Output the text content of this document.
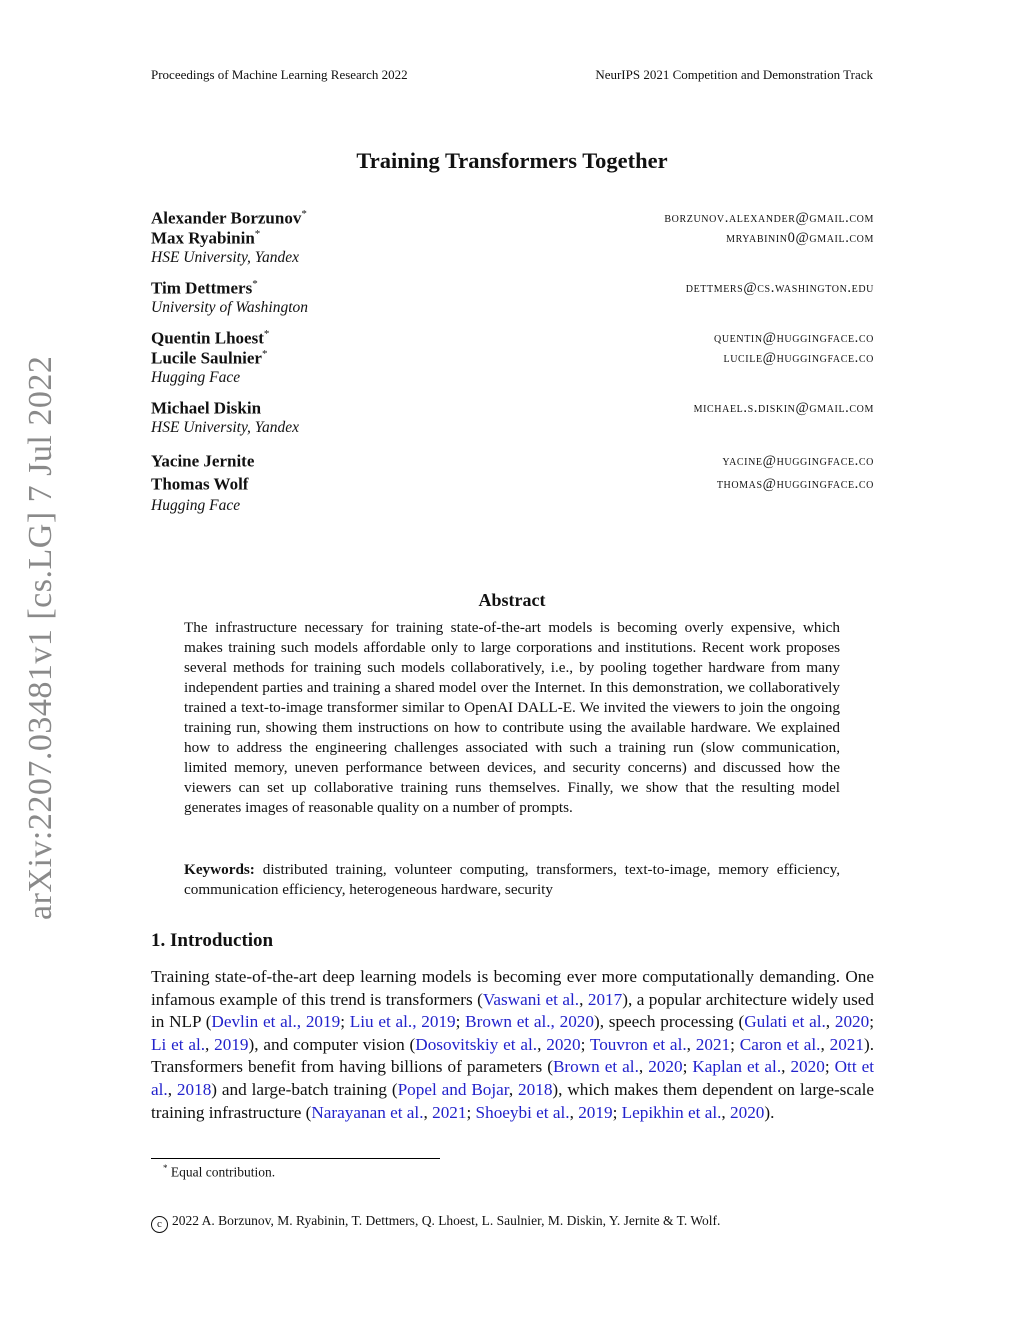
Proceedings of Machine Learning Research 2022	NeurIPS 2021 Competition and Demonstration Track
arXiv:2207.03481v1 [cs.LG] 7 Jul 2022
Training Transformers Together
Alexander Borzunov*	borzunov.alexander@gmail.com
Max Ryabinin*	mryabinin0@gmail.com
HSE University, Yandex
Tim Dettmers*	dettmers@cs.washington.edu
University of Washington
Quentin Lhoest*	quentin@huggingface.co
Lucile Saulnier*	lucile@huggingface.co
Hugging Face
Michael Diskin	michael.s.diskin@gmail.com
HSE University, Yandex
Yacine Jernite	yacine@huggingface.co
Thomas Wolf	thomas@huggingface.co
Hugging Face
Abstract
The infrastructure necessary for training state-of-the-art models is becoming overly expensive, which makes training such models affordable only to large corporations and institutions. Recent work proposes several methods for training such models collaboratively, i.e., by pooling together hardware from many independent parties and training a shared model over the Internet. In this demonstration, we collaboratively trained a text-to-image transformer similar to OpenAI DALL-E. We invited the viewers to join the ongoing training run, showing them instructions on how to contribute using the available hardware. We explained how to address the engineering challenges associated with such a training run (slow communication, limited memory, uneven performance between devices, and security concerns) and discussed how the viewers can set up collaborative training runs themselves. Finally, we show that the resulting model generates images of reasonable quality on a number of prompts.
Keywords: distributed training, volunteer computing, transformers, text-to-image, memory efficiency, communication efficiency, heterogeneous hardware, security
1. Introduction
Training state-of-the-art deep learning models is becoming ever more computationally demanding. One infamous example of this trend is transformers (Vaswani et al., 2017), a popular architecture widely used in NLP (Devlin et al., 2019; Liu et al., 2019; Brown et al., 2020), speech processing (Gulati et al., 2020; Li et al., 2019), and computer vision (Dosovitskiy et al., 2020; Touvron et al., 2021; Caron et al., 2021). Transformers benefit from having billions of parameters (Brown et al., 2020; Kaplan et al., 2020; Ott et al., 2018) and large-batch training (Popel and Bojar, 2018), which makes them dependent on large-scale training infrastructure (Narayanan et al., 2021; Shoeybi et al., 2019; Lepikhin et al., 2020).
* Equal contribution.
c 2022 A. Borzunov, M. Ryabinin, T. Dettmers, Q. Lhoest, L. Saulnier, M. Diskin, Y. Jernite & T. Wolf.
